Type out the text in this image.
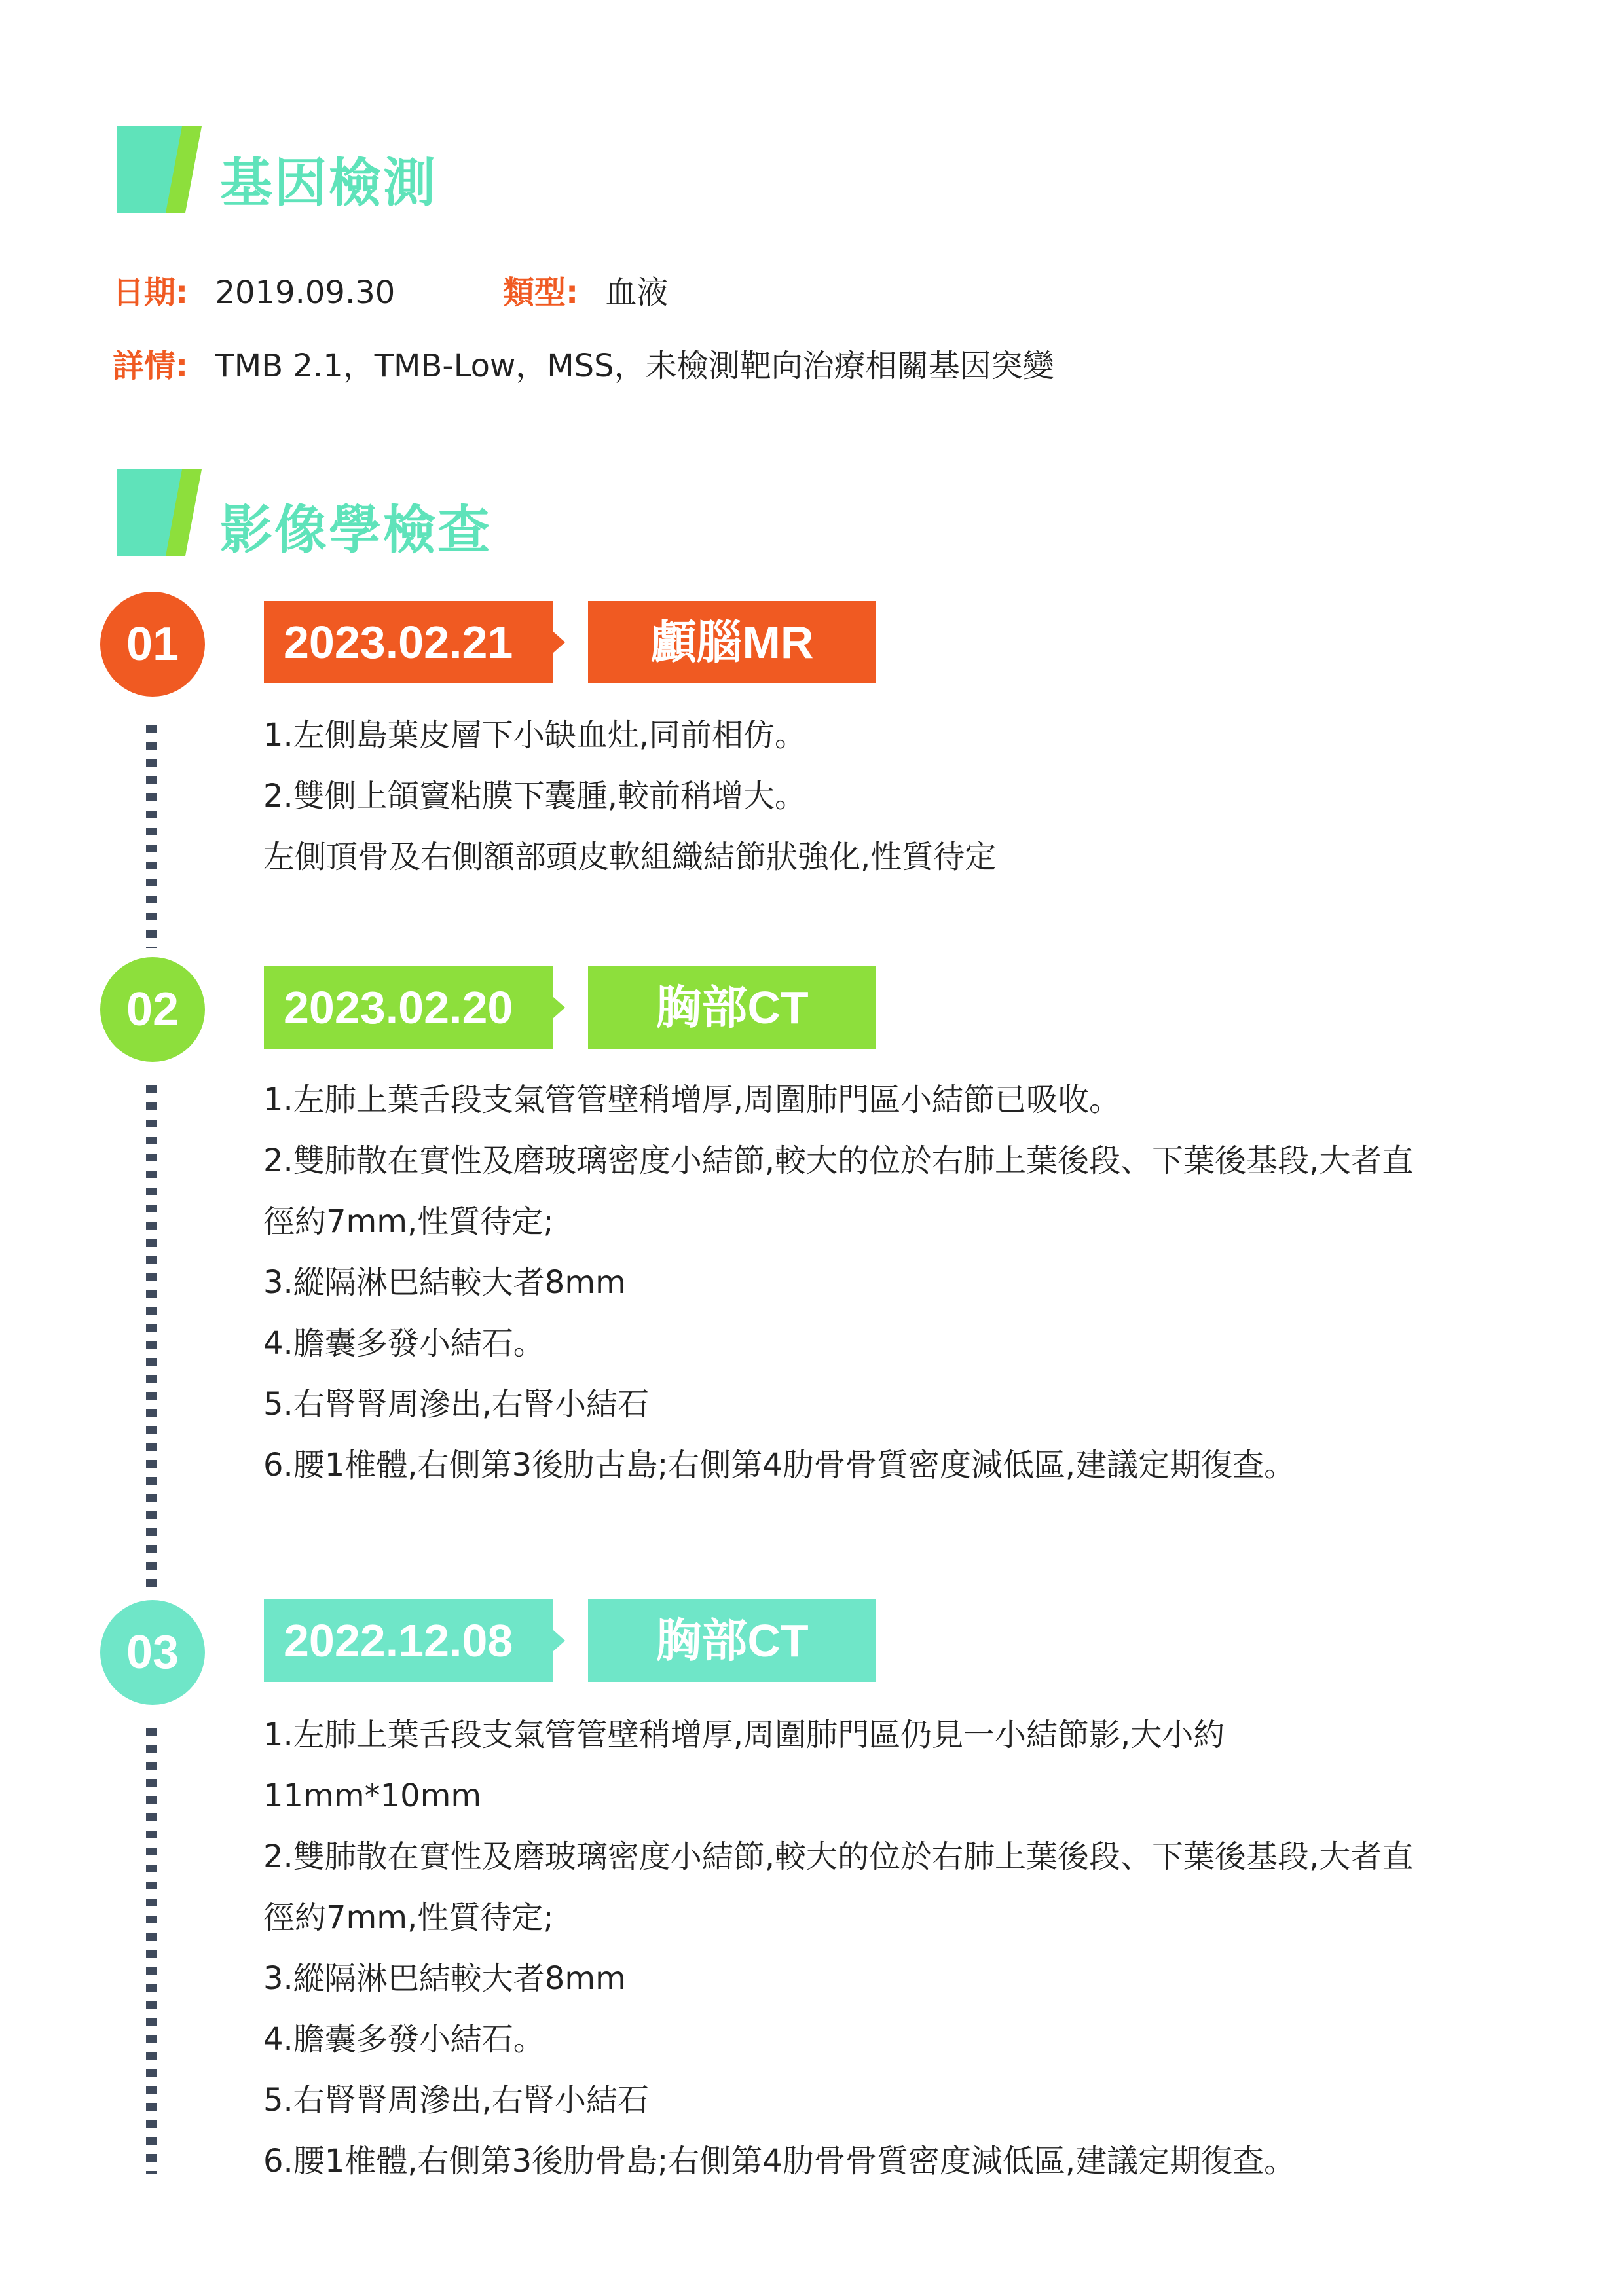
基因檢測
日期: 2019.09.30	類型: 血液
詳情: TMB 2.1，TMB-Low，MSS，未檢測靶向治療相關基因突變
影像學檢查
01	2023.02.21	顱腦MR
1.左側島葉皮層下小缺血灶,同前相仿。
2.雙側上頜竇粘膜下囊腫,較前稍增大。
左側頂骨及右側額部頭皮軟組織結節狀強化,性質待定
02	2023.02.20	胸部CT
1.左肺上葉舌段支氣管管壁稍增厚,周圍肺門區小結節已吸收。
2.雙肺散在實性及磨玻璃密度小結節,較大的位於右肺上葉後段、下葉後基段,大者直
徑約7mm,性質待定;
3.縱隔淋巴結較大者8mm
4.膽囊多發小結石。
5.右腎腎周滲出,右腎小結石
6.腰1椎體,右側第3後肋古島;右側第4肋骨骨質密度減低區,建議定期復查。
03	2022.12.08	胸部CT
1.左肺上葉舌段支氣管管壁稍增厚,周圍肺門區仍見一小結節影,大小約
11mm*10mm
2.雙肺散在實性及磨玻璃密度小結節,較大的位於右肺上葉後段、下葉後基段,大者直
徑約7mm,性質待定;
3.縱隔淋巴結較大者8mm
4.膽囊多發小結石。
5.右腎腎周滲出,右腎小結石
6.腰1椎體,右側第3後肋骨島;右側第4肋骨骨質密度減低區,建議定期復查。
